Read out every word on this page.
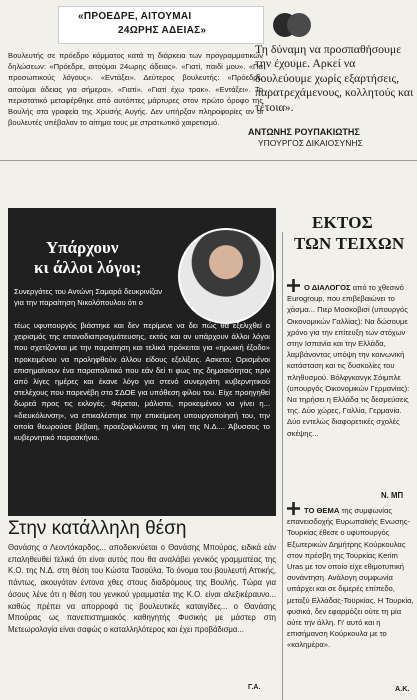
«ΠΡΟΕΔΡΕ, ΑΙΤΟΥΜΑΙ
24ΩΡΗΣ ΑΔΕΙΑΣ»
Βουλευτής σε πρόεδρο κόμματος κατά τη διάρκεια των προγραμματικών δηλώσεων: «Πρόεδρε, αιτούμαι 24ωρης άδειας». «Γιατί, παιδί μου». «Για προσωπικούς λόγους». «Εντάξει». Δεύτερος βουλευτής: «Πρόεδρε, αιτούμαι άδειας για σήμερα». «Γιατί». «Γιατί έχω τρακ». «Εντάξει». Το περιστατικό μεταφέρθηκε από αυτόπτες μάρτυρες στον πρώτο όροφο της Βουλής στα γραφεία της Χρυσής Αυγής. Δεν υπήρξαν πληροφορίες αν οι βουλευτές υπέβαλαν το αίτημα τους με στρατιωτικό χαιρετισμό.
Τη δύναμη να προσπαθήσουμε την έχουμε. Αρκεί να δουλεύουμε χωρίς εξαρτήσεις, παρατρεχάμενους, κολλητούς και τέτοια».
ΑΝΤΩΝΗΣ ΡΟΥΠΑΚΙΩΤΗΣ
ΥΠΟΥΡΓΟΣ ΔΙΚΑΙΟΣΥΝΗΣ
Υπάρχουν
κι άλλοι λόγοι;
Συνεργάτες του Αντώνη Σαμαρά δευκρινίζαν για την παραίτηση Νικολόπουλου ότι ο
τέως υφυπουργός βιάστηκε και δεν περίμενε να δει πώς θα εξελιχθεί ο χειρισμός της επαναδιαπραγμάτευσης, εκτός και αν υπάρχουν άλλοι λόγοι που σχετίζονται με την παραίτηση και τελικά πρόκειται για «ηρωική έξοδο» προκειμένου να προληφθούν άλλου είδους εξελίξεις. Ασκετο; Ορισμένοι επισημαίνουν ένα παραπολιτικό που εάν δεί τι φως της δημοσιότητας πριν από λίγες ημέρες και έκανε λόγο για στενό συνεργάτη κυβερνητικού στελέχους που παρενέβη στο ΣΔΟΕ για υπόθεση φίλου του. Είχε προηγηθεί δωρεά προς τις εκλογές. Φέρεται, μάλιστα, προκειμένου να γίνει η... «διευκόλυνση», να επικαλέστηκε την επικείμενη υπουργοποίησή του, την οποία θεωρούσε βέβαιη, προεξοφλώντας τη νίκη της Ν.Δ.... Άβυσσος το κυβερνητικό παρασκήνιο.
Στην κατάλληλη θέση
Θανάσης ο Λεοντόκαρδος... αποδεικνύεται ο Θανάσης Μπούρας, ειδικά εάν επαληθευθεί τελικά ότι είναι αυτός που θα αναλάβει γενικός γραμματέας της Κ.Ο. της Ν.Δ. στη θέση του Κώστα Τασούλα. Το όνομα του βουλευτή Αττικής, πάντως, ακουγόταν έντονα χθες στους διαδρόμους της Βουλής. Τώρα για όσους λένε ότι η θέση του γενικού γραμματέα της Κ.Ο. είναι αλεξικέραυνο... καθώς πρέπει να απορροφά τις βουλευτικές καταιγίδες... ο Θανάσης Μπούρας ως πανεπιστημιακός καθηγητής Φυσικής με μάστερ στη Μετεωρολογία είναι σαφώς ο καταλληλότερος και έχει προβάδισμα...
Γ.Α.
ΕΚΤΟΣ
ΤΩΝ ΤΕΙΧΩΝ
Ο ΔΙΑΛΟΓΟΣ από το χθεσινό Eurogroup, που επιβεβαιώνει το χάσμα... Πιερ Μοσκοβισί (υπουργός Οικονομικών Γαλλίας): Να δώσουμε χρόνο για την επίτευξη των στόχων στην Ισπανία και την Ελλάδα, λαμβάνοντας υπόψη την κοινωνική κατάσταση και τις δυσκολίες του πληθυσμού. Βόλφγκανγκ Σόιμπλε (υπουργός Οικονομικών Γερμανίας): Να τηρήσει η Ελλάδα τις δεσμεύσεις της. Δύο χώρες, Γαλλία, Γερμανία. Δύο εντελώς διαφορετικές σχολές σκέψης...
Ν. ΜΠ
ΤΟ ΘΕΜΑ της συμφωνίας επανεισδοχής Ευρωπαϊκής Ενωσης-Τουρκίας έθεσε ο υφυπουργός Εξωτερικών Δημήτρης Κούρκουλας στον πρέσβη της Τουρκίας Kerim Uras με τον οποίο είχε εθιμοτυπική συνάντηση. Ανάλογη συμφωνία υπάρχει και σε διμερές επίπεδο, μεταξύ Ελλάδας-Τουρκίας. Η Τουρκία, φυσικά, δεν εφαρμόζει ούτε τη μία ούτε την άλλη. Γι' αυτό και η επισήμανση Κούρκουλα με το «καλημέρα».
Α.Κ.
